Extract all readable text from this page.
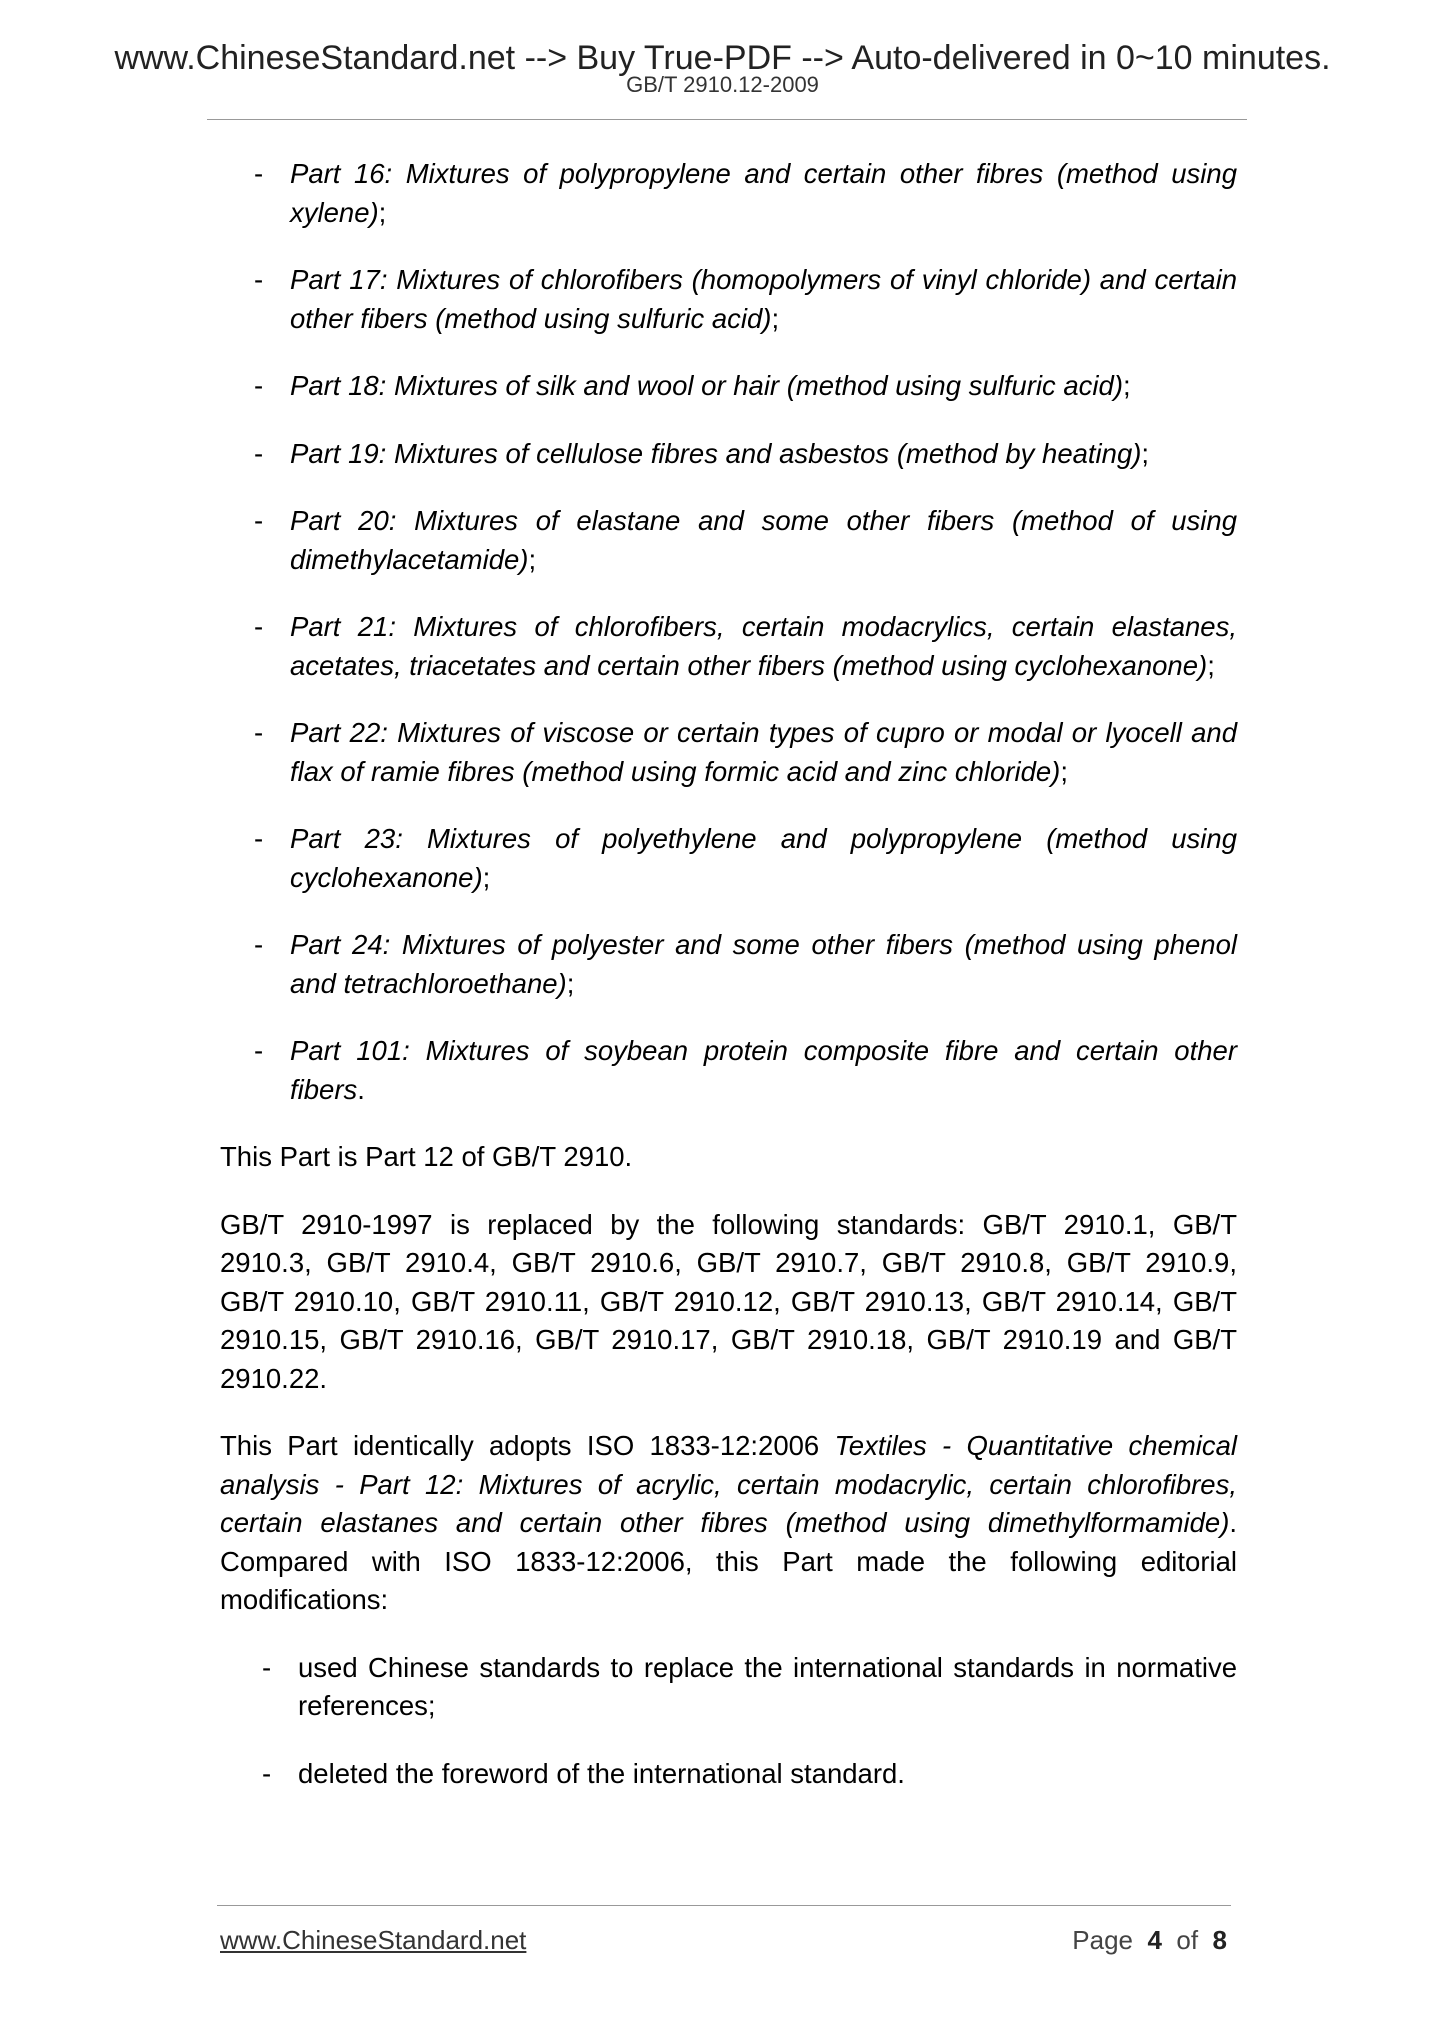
www.ChineseStandard.net --> Buy True-PDF --> Auto-delivered in 0~10 minutes.
GB/T 2910.12-2009
- Part 16: Mixtures of polypropylene and certain other fibres (method using xylene);
- Part 17: Mixtures of chlorofibers (homopolymers of vinyl chloride) and certain other fibers (method using sulfuric acid);
- Part 18: Mixtures of silk and wool or hair (method using sulfuric acid);
- Part 19: Mixtures of cellulose fibres and asbestos (method by heating);
- Part 20: Mixtures of elastane and some other fibers (method of using dimethylacetamide);
- Part 21: Mixtures of chlorofibers, certain modacrylics, certain elastanes, acetates, triacetates and certain other fibers (method using cyclohexanone);
- Part 22: Mixtures of viscose or certain types of cupro or modal or lyocell and flax of ramie fibres (method using formic acid and zinc chloride);
- Part 23: Mixtures of polyethylene and polypropylene (method using cyclohexanone);
- Part 24: Mixtures of polyester and some other fibers (method using phenol and tetrachloroethane);
- Part 101: Mixtures of soybean protein composite fibre and certain other fibers.

This Part is Part 12 of GB/T 2910.

GB/T 2910-1997 is replaced by the following standards: GB/T 2910.1, GB/T 2910.3, GB/T 2910.4, GB/T 2910.6, GB/T 2910.7, GB/T 2910.8, GB/T 2910.9, GB/T 2910.10, GB/T 2910.11, GB/T 2910.12, GB/T 2910.13, GB/T 2910.14, GB/T 2910.15, GB/T 2910.16, GB/T 2910.17, GB/T 2910.18, GB/T 2910.19 and GB/T 2910.22.

This Part identically adopts ISO 1833-12:2006 Textiles - Quantitative chemical analysis - Part 12: Mixtures of acrylic, certain modacrylic, certain chlorofibres, certain elastanes and certain other fibres (method using dimethylformamide). Compared with ISO 1833-12:2006, this Part made the following editorial modifications:

- used Chinese standards to replace the international standards in normative references;
- deleted the foreword of the international standard.
www.ChineseStandard.net	Page 4 of 8
